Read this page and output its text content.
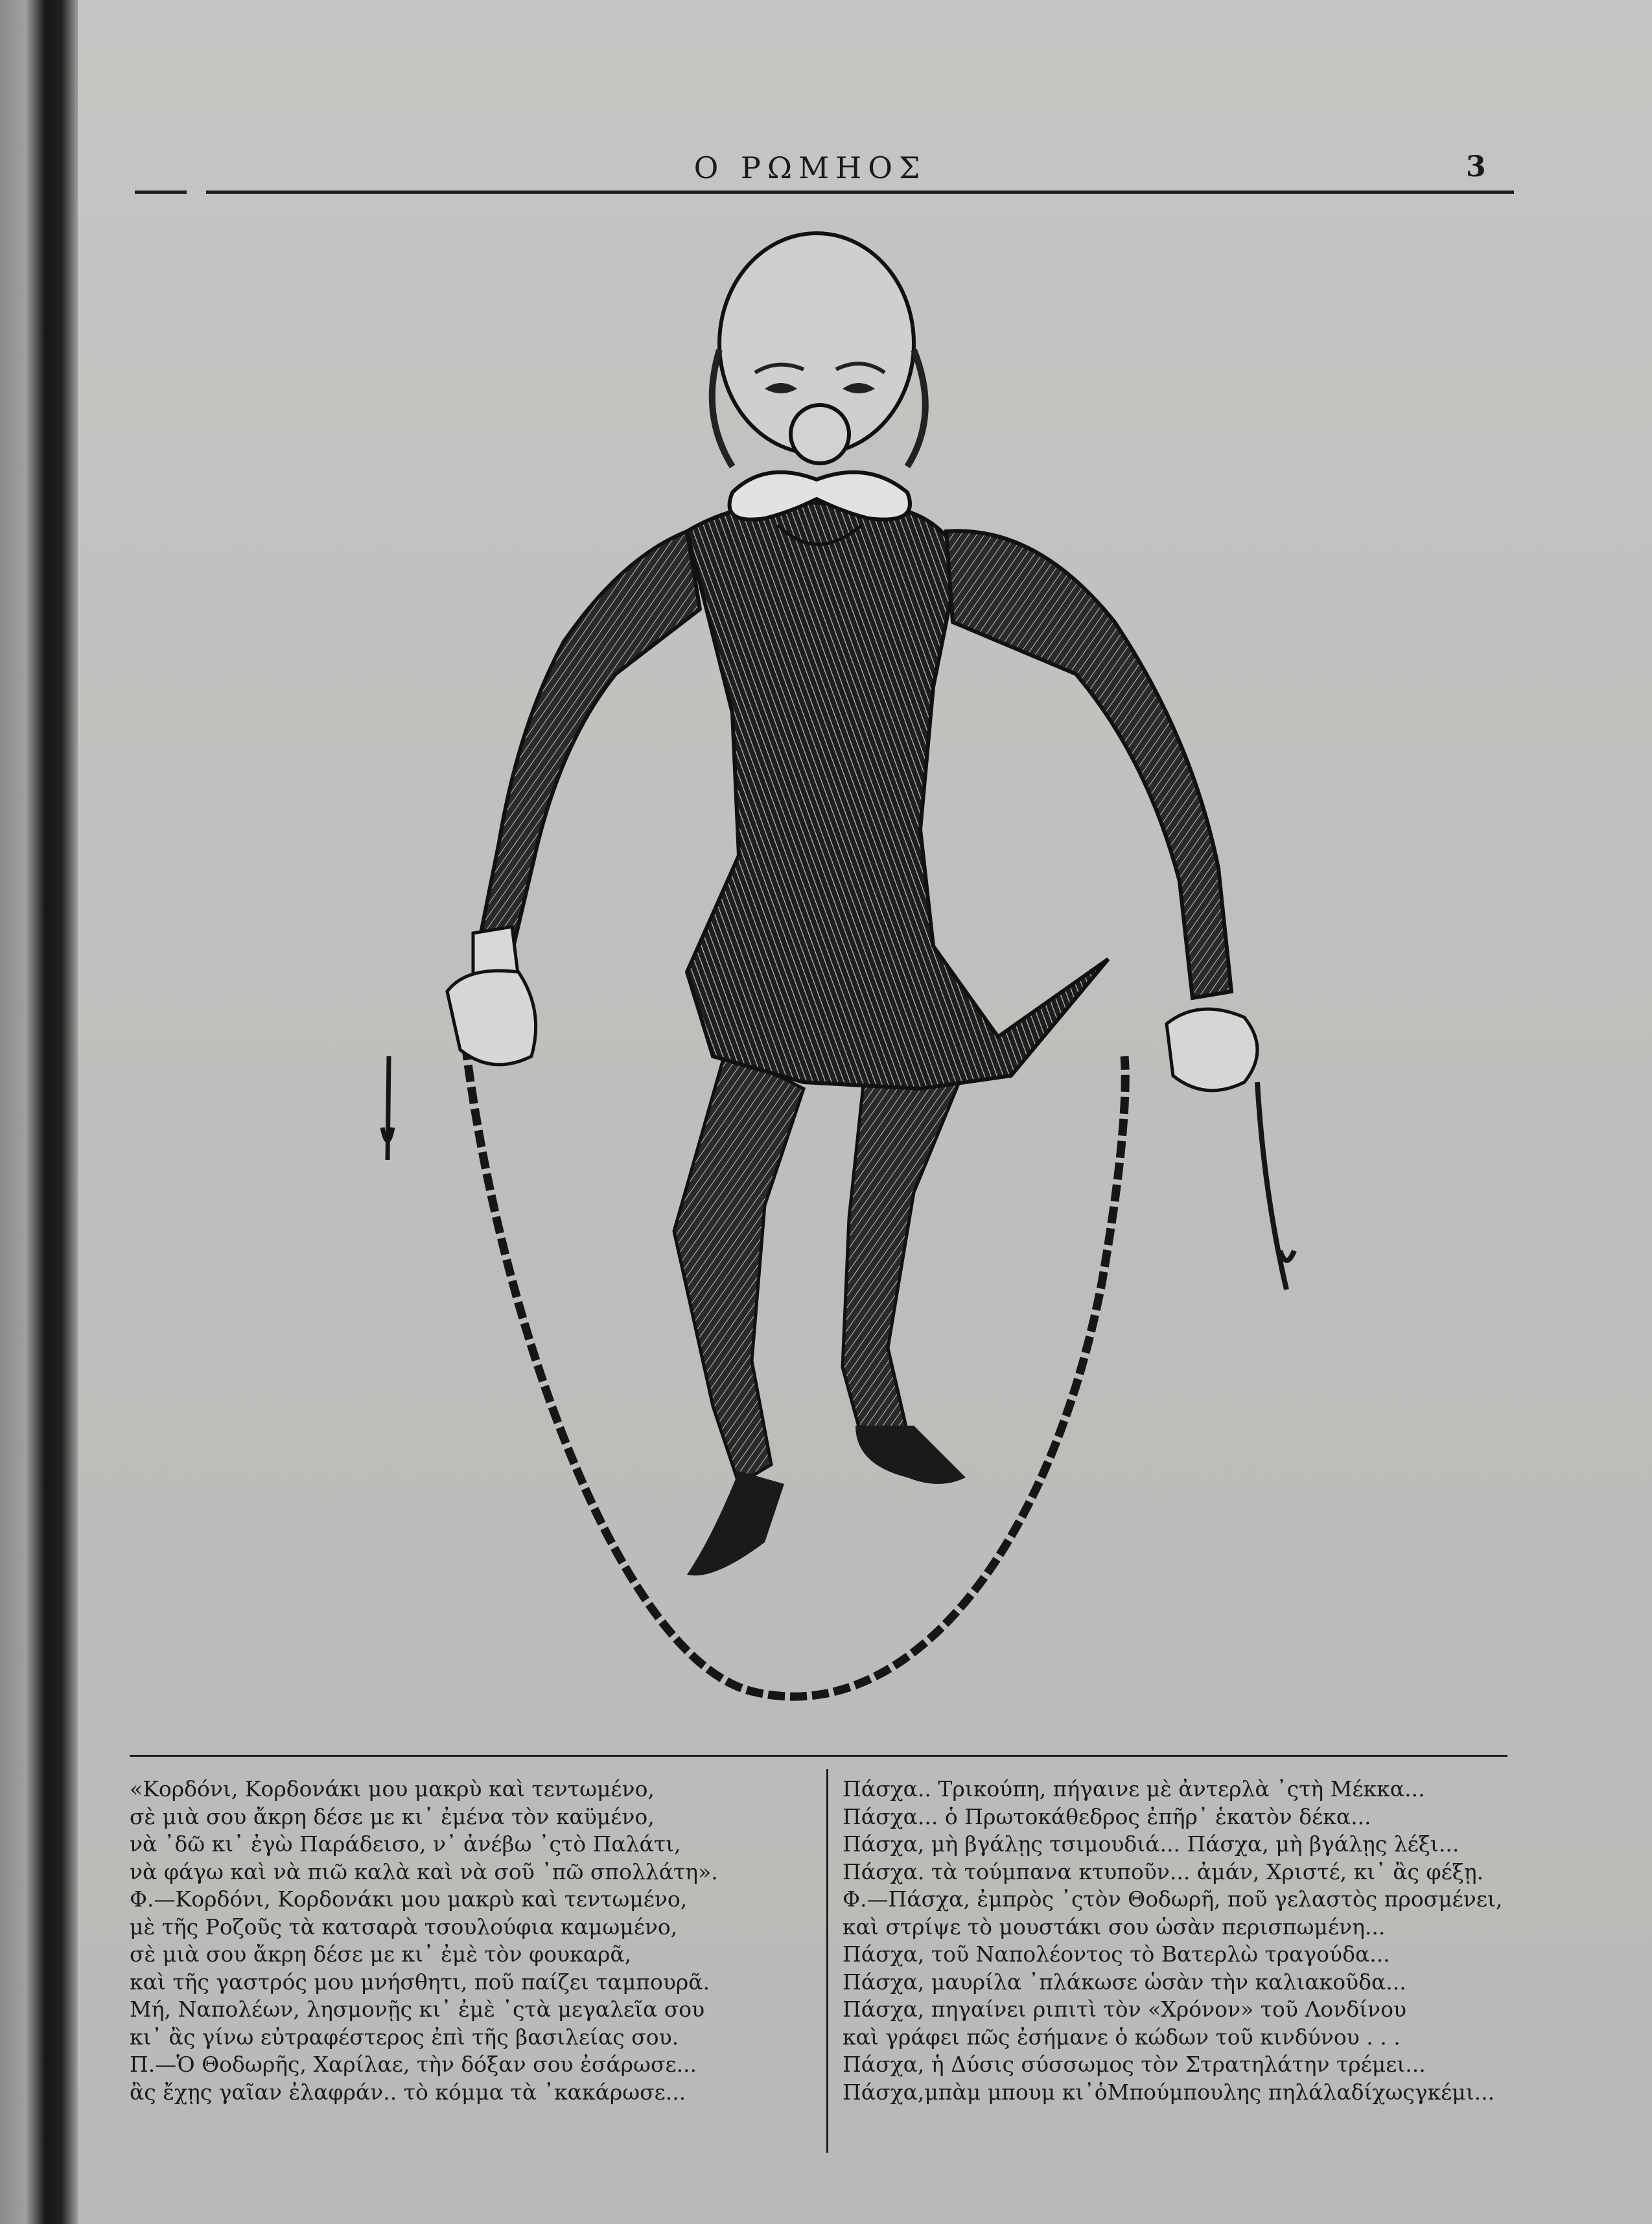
Ο ΡΩΜΗΟΣ	3
«Κορδόνι, Κορδονάκι μου μακρὺ καὶ τεντωμένο,
σὲ μιὰ σου ἄκρη δέσε με κι᾿ ἐμένα τὸν καϋμένο,
νὰ ᾿δῶ κι᾿ ἐγὼ Παράδεισο, ν᾿ ἀνέβω ᾿ςτὸ Παλάτι,
νὰ φάγω καὶ νὰ πιῶ καλὰ καὶ νὰ σοῦ ᾿πῶ σπολλάτη».
Φ.—Κορδόνι, Κορδονάκι μου μακρὺ καὶ τεντωμένο,
μὲ τῆς Ροζοῦς τὰ κατσαρὰ τσουλούφια καμωμένο,
σὲ μιὰ σου ἄκρη δέσε με κι᾿ ἐμὲ τὸν φουκαρᾶ,
καὶ τῆς γαστρός μου μνήσθητι, ποῦ παίζει ταμπουρᾶ.
Μή, Ναπολέων, λησμονῇς κι᾿ ἐμὲ ᾿ςτὰ μεγαλεῖα σου
κι᾿ ἂς γίνω εὐτραφέστερος ἐπὶ τῆς βασιλείας σου.
Π.—Ὁ Θοδωρῆς, Χαρίλαε, τὴν δόξαν σου ἐσάρωσε...
ἂς ἔχῃς γαῖαν ἐλαφράν.. τὸ κόμμα τὰ ᾿κακάρωσε...
Πάσχα.. Τρικούπη, πήγαινε μὲ ἀντερλὰ ᾿ςτὴ Μέκκα...
Πάσχα... ὁ Πρωτοκάθεδρος ἐπῆρ᾿ ἑκατὸν δέκα...
Πάσχα, μὴ βγάλῃς τσιμουδιά... Πάσχα, μὴ βγάλῃς λέξι...
Πάσχα. τὰ τούμπανα κτυποῦν... ἀμάν, Χριστέ, κι᾿ ἂς φέξῃ.
Φ.—Πάσχα, ἐμπρὸς ᾿ςτὸν Θοδωρῆ, ποῦ γελαστὸς προσμένει,
καὶ στρίψε τὸ μουστάκι σου ὡσὰν περισπωμένη...
Πάσχα, τοῦ Ναπολέοντος τὸ Βατερλὼ τραγούδα...
Πάσχα, μαυρίλα ᾿πλάκωσε ὡσὰν τὴν καλιακοῦδα...
Πάσχα, πηγαίνει ριπιτὶ τὸν «Χρόνον» τοῦ Λονδίνου
καὶ γράφει πῶς ἐσήμανε ὁ κώδων τοῦ κινδύνου . . .
Πάσχα, ἡ Δύσις σύσσωμος τὸν Στρατηλάτην τρέμει...
Πάσχα,μπὰμ μπουμ κι᾿ὁΜπούμπουλης πηλάλαδίχωςγκέμι...
